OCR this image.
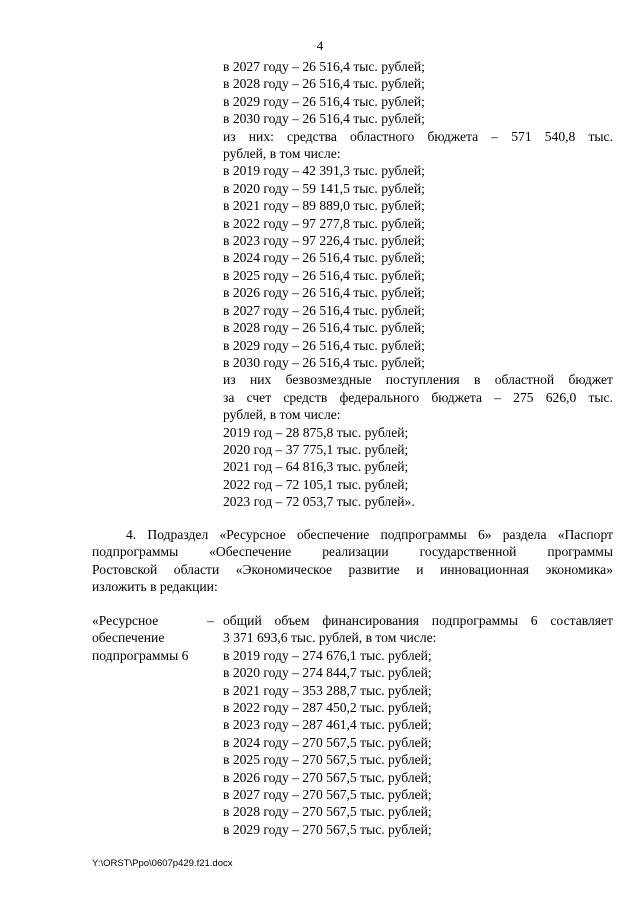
4
в 2027 году – 26 516,4 тыс. рублей;
в 2028 году – 26 516,4 тыс. рублей;
в 2029 году – 26 516,4 тыс. рублей;
в 2030 году – 26 516,4 тыс. рублей;
из них: средства областного бюджета – 571 540,8 тыс.
рублей, в том числе:
в 2019 году – 42 391,3 тыс. рублей;
в 2020 году – 59 141,5 тыс. рублей;
в 2021 году – 89 889,0 тыс. рублей;
в 2022 году – 97 277,8 тыс. рублей;
в 2023 году – 97 226,4 тыс. рублей;
в 2024 году – 26 516,4 тыс. рублей;
в 2025 году – 26 516,4 тыс. рублей;
в 2026 году – 26 516,4 тыс. рублей;
в 2027 году – 26 516,4 тыс. рублей;
в 2028 году – 26 516,4 тыс. рублей;
в 2029 году – 26 516,4 тыс. рублей;
в 2030 году – 26 516,4 тыс. рублей;
из них безвозмездные поступления в областной бюджет
за счет средств федерального бюджета – 275 626,0 тыс.
рублей, в том числе:
2019 год – 28 875,8 тыс. рублей;
2020 год – 37 775,1 тыс. рублей;
2021 год – 64 816,3 тыс. рублей;
2022 год – 72 105,1 тыс. рублей;
2023 год – 72 053,7 тыс. рублей».
4. Подраздел «Ресурсное обеспечение подпрограммы 6» раздела «Паспорт
подпрограммы «Обеспечение реализации государственной программы
Ростовской области «Экономическое развитие и инновационная экономика»
изложить в редакции:
«Ресурсное
обеспечение
подпрограммы 6
– общий объем финансирования подпрограммы 6 составляет
3 371 693,6 тыс. рублей, в том числе:
в 2019 году – 274 676,1 тыс. рублей;
в 2020 году – 274 844,7 тыс. рублей;
в 2021 году – 353 288,7 тыс. рублей;
в 2022 году – 287 450,2 тыс. рублей;
в 2023 году – 287 461,4 тыс. рублей;
в 2024 году – 270 567,5 тыс. рублей;
в 2025 году – 270 567,5 тыс. рублей;
в 2026 году – 270 567,5 тыс. рублей;
в 2027 году – 270 567,5 тыс. рублей;
в 2028 году – 270 567,5 тыс. рублей;
в 2029 году – 270 567,5 тыс. рублей;
Y:\ORST\Ppo\0607p429.f21.docx
